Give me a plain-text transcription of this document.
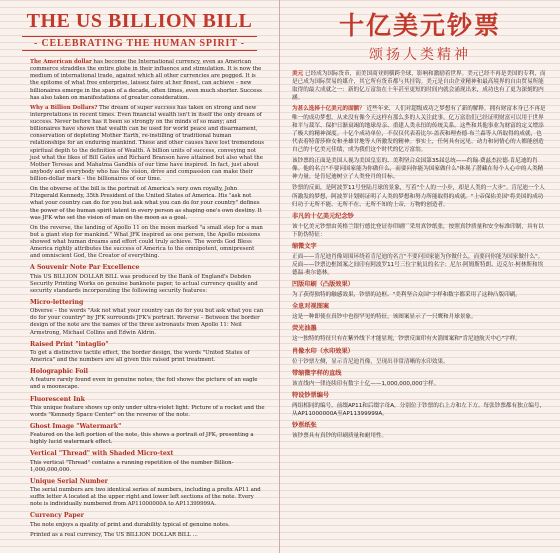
THE US BILLION BILL
- CELEBRATING THE HUMAN SPIRIT -

The American dollar has become the International currency, even as American commerce straddles the entire globe in their influence and stimulation. It is now the medium of international trade, against which all other currencies are pegged. It is the epitome of what free enterprise, laissez faire at her finest, can achieve – new billionaires emerge in the span of a decade, often times, even much shorter. Success has also taken on manifestations of greater consideration.

Why a Billion Dollars? The dream of super success has taken on strong and new interpretations in recent times. Even financial wealth isn't in itself the only dream of success. Never before has it been so strongly on the minds of so many; and billionaires have shown that wealth can be used for world peace and disarmament, conservation of depleting Mother Earth, re-instilling of traditional human relationships for an enduring mankind. These and other causes have lost tremendous spiritual depth to the definition of Wealth. A billion units of success, conveying not just what the likes of Bill Gates and Richard Branson have attained but also what the Mother Teresas and Mahatma Gandhis of our time have inspired. In fact, just about anybody and everybody who has the vision, drive and compassion can make their billion-dollar mark – the billionaires of our time.

On the obverse of the bill is the portrait of America's very own royalty, John Fitzgerald Kennedy, 35th President of the United States of America. His "ask not what your country can do for you but ask what you can do for your country" defines the power of the human spirit latent in every person as shaping one's own destiny. It was JFK who set the vision of man on the moon as a goal.

On the reverse, the landing of Apollo 11 on the moon marked "a small step for a man but a giant step for mankind." What JFK inspired as one person, the Apollo missions showed what human dreams and effort could truly achieve. The words God Bless America rightly attributes the success of America to the omnipotent, omnipresent and omniscient God, the Creator of everything.

A Souvenir Note Par Excellence

This US BILLION DOLLAR BILL was produced by the Bank of England's Debden Security Printing Works on genuine banknote paper, to actual currency quality and security standards incorporating the following security features:

Micro-lettering

Obverse – the words "Ask not what your country can do for you but ask what you can do for your country" by JFK surrounds JFK's portrait. Reverse – Between the border design of the note are the names of the three astronauts from Apollo 11: Neil Armstrong, Michael Collins and Edwin Aldrin.

Raised Print "intaglio"

To get a distinctive tactile effect, the border design, the words "United States of America" and the numbers are all given this raised print treatment.

Holographic Foil

A feature rarely found even in genuine notes, the foil shows the picture of an eagle and a moonscape.

Fluorescent Ink

This unique feature shows up only under ultra-violet light. Picture of a rocket and the words "Kennedy Space Center" on the reverse of the note.

Ghost Image "Watermark"

Featured on the left portion of the note, this shows a portrait of JFK, presenting a highly lucid watermark effect.

Vertical "Thread" with Shaded Micro-text

This vertical "Thread" contains a running repetition of the number Billion-1,000,000,000.

Unique Serial Number

The serial numbers are two identical series of numbers, including a prefix AP11 and suffix letter A located at the upper right and lower left sections of the note. Every note is individually numbered from AP11000000A to AP11399999A.

Currency Paper

The note enjoys a quality of print and durability typical of genuine notes.

Printed as a real currency, The US BILLION DOLLAR BILL ...

十亿美元钞票
颂扬人类精神

美元 已经成为国际货币，而美国商业则横跨全球，影响和激励着世界。美元已经不再是美国的专利，而是已成为国际贸易的媒介，其它所有货币都与其挂钩。美元是自由企业精神和最高境界的自由贸易所能取得的最大成就之一：新的亿万富翁在十年甚至更短的时间内就会涌现出来，成功也有了更为深刻的内涵。

为甚么选择十亿美元的面额？ 近些年来，人们对超级成功之梦想有了新的解释。拥有财富本身已不再是唯一的成功梦想，从来没有像今天这样有那么多的人关注此事。亿万富翁们已经证明财富可以用于世界和平与裁军、保护日渐衰竭的地球母亲、重建人类永恒的传统关系。这些和其他事业为财富的定义增添了极大的精神深度。十亿个成功单位，不仅仅代表着比尔·盖茨和理查德·布兰森等人所取得的成就，也代表着特蕾莎修女和圣雄甘地等人所激发的精神。事实上，任何具有远见、动力和同情心的人都能创造自己的十亿美元佳绩，成为我们这个时代的亿万富翁。

该钞票的正面是美国人视为美国皇室的、美利坚合众国第35届总统——约翰·费兹杰拉德·肯尼迪的肖像。他的名言"不要问国家能为你做什么，而要问你能为国家做什么"体现了潜藏在每个人心中的人类精神力量。是肯尼迪树立了人类登月的目标。

钞票的反面，是阿波罗11号登陆月球的景象，写着"个人的一小步，却是人类的一大步"。肯尼迪一个人所激发的梦想，阿波罗计划则证明了人类的梦想和努力所能取得的成就。"上帝保佑美国"将美国的成功归功于无所不能、无所不在、无所不知的上帝，万物的创造者。

非凡的十亿美元纪念钞

该十亿美元钞票由英格兰银行德比登证券印刷厂采用真钞纸张，按照真钞质量和安全标准印制，具有以下防伪特征：

缩微文字

正面——肯尼迪肖像周围环绕着肯尼迪的名言"不要问国家能为你做什么，而要问你能为国家做什么"。反面——钞票边框图案之间印有阿波罗11号三位宇航员的名字：尼尔·阿姆斯特朗、迈克尔·柯林斯和埃德温·奥尔德林。

凹版印刷（凸版效果）

为了获得独特的触感效果，钞票的边框、"美利坚合众国"字样和数字都采用了这种凸版印刷。

全息对视图案

这是一种即使在真钞中也很罕见的特征，该图案显示了一只鹰和月球景象。

荧光油墨

这一独特的特征只有在紫外线下才能显现，钞票反面印有火箭图案和"肯尼迪航天中心"字样。

肖像水印（水印效果）

位于钞票左侧，显示肯尼迪肖像，呈现出非常清晰的水印效果。

带缩微字样的直线

该直线内一律连续印有数字十亿——1,000,000,000字样。

特设钞票编号

两组相同的编号，前缀AP11和后缀字母A，分别位于钞票的右上方和左下方。每张钞票都有独立编号，从AP11000000A至AP11399999A。

钞票纸张

该钞票具有真钞的印刷质量和耐用性。
